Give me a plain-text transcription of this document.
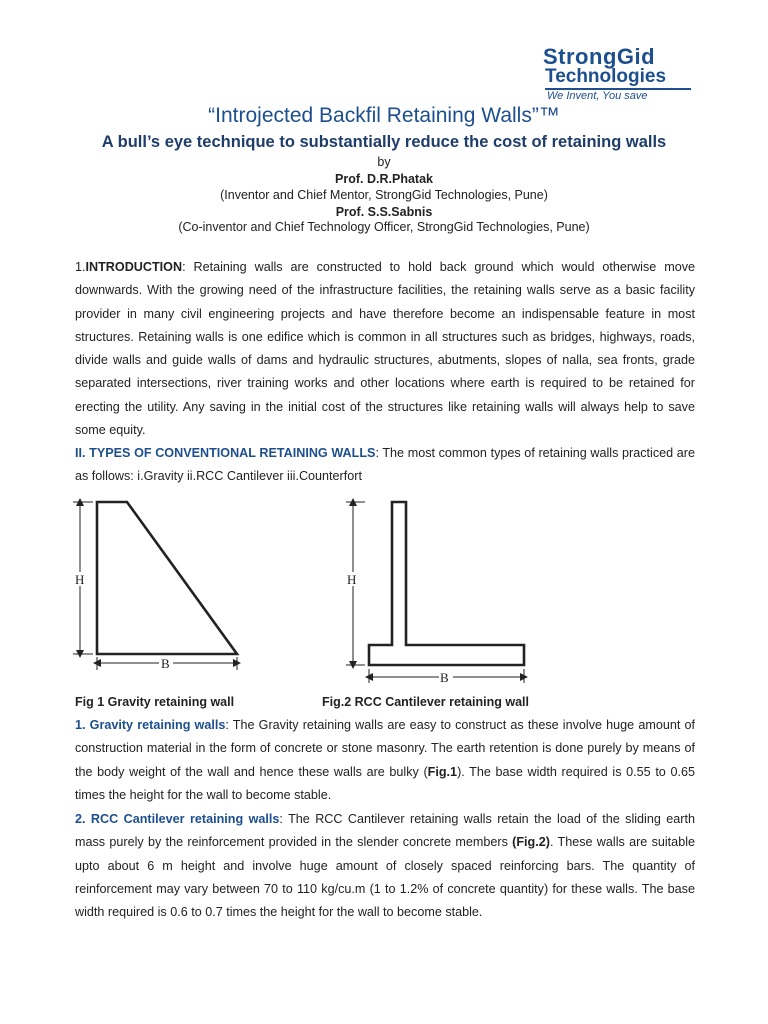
StrongGid
Technologies
We Invent, You save
“Introjected Backfil Retaining Walls”™
A bull’s eye technique to substantially reduce the cost of retaining walls
by
Prof. D.R.Phatak
(Inventor and Chief Mentor, StrongGid Technologies, Pune)
Prof. S.S.Sabnis
(Co-inventor and Chief Technology Officer, StrongGid Technologies, Pune)
1.INTRODUCTION: Retaining walls are constructed to hold back ground which would otherwise move downwards. With the growing need of the infrastructure facilities, the retaining walls serve as a basic facility provider in many civil engineering projects and have therefore become an indispensable feature in most structures. Retaining walls is one edifice which is common in all structures such as bridges, highways, roads, divide walls and guide walls of dams and hydraulic structures, abutments, slopes of nalla, sea fronts, grade separated intersections, river training works and other locations where earth is required to be retained for erecting the utility. Any saving in the initial cost of the structures like retaining walls will always help to save some equity.
II. TYPES OF CONVENTIONAL RETAINING WALLS: The most common types of retaining walls practiced are as follows: i.Gravity ii.RCC Cantilever iii.Counterfort
H
B
H
B
Fig 1 Gravity retaining wall	Fig.2 RCC Cantilever retaining wall
1. Gravity retaining walls: The Gravity retaining walls are easy to construct as these involve huge amount of construction material in the form of concrete or stone masonry. The earth retention is done purely by means of the body weight of the wall and hence these walls are bulky (Fig.1). The base width required is 0.55 to 0.65 times the height for the wall to become stable.
2. RCC Cantilever retaining walls: The RCC Cantilever retaining walls retain the load of the sliding earth mass purely by the reinforcement provided in the slender concrete members (Fig.2). These walls are suitable upto about 6 m height and involve huge amount of closely spaced reinforcing bars. The quantity of reinforcement may vary between 70 to 110 kg/cu.m (1 to 1.2% of concrete quantity) for these walls. The base width required is 0.6 to 0.7 times the height for the wall to become stable.
